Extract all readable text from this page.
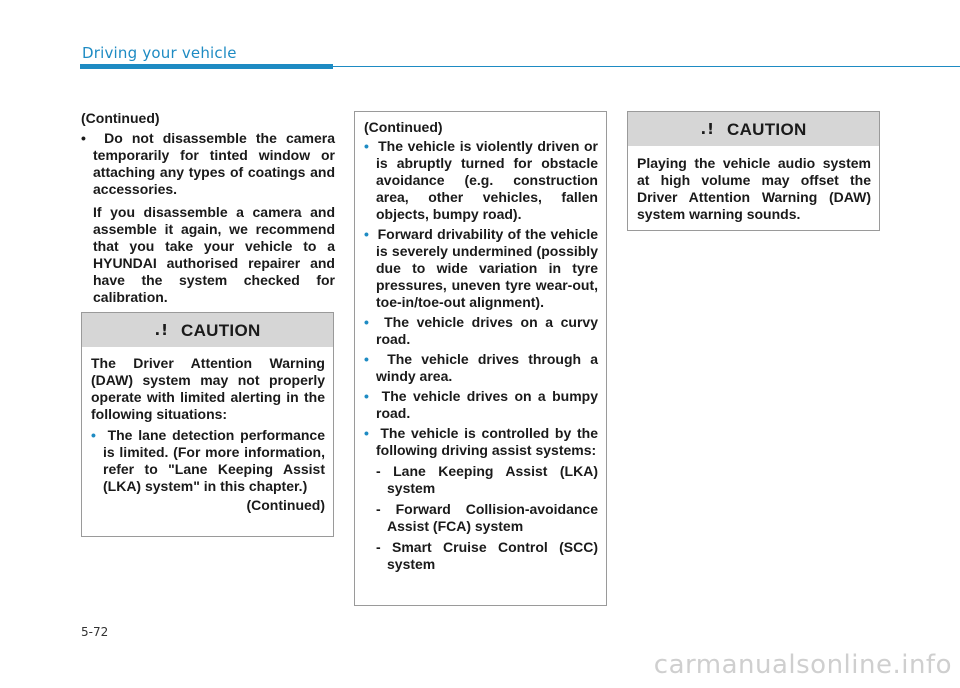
Driving your vehicle

(Continued)

•  Do not disassemble the camera temporarily for tinted window or attaching any types of coatings and accessories.

If you disassemble a camera and assemble it again, we recommend that you take your vehicle to a HYUNDAI authorised repairer and have the system checked for calibration.

.! CAUTION
The Driver Attention Warning (DAW) system may not properly operate with limited alerting in the following situations:
•  The lane detection performance is limited. (For more information, refer to "Lane Keeping Assist (LKA) system" in this chapter.)
(Continued)
(Continued)
•  The vehicle is violently driven or is abruptly turned for obstacle avoidance (e.g. construction area, other vehicles, fallen objects, bumpy road).
•  Forward drivability of the vehicle is severely undermined (possibly due to wide variation in tyre pressures, uneven tyre wear-out, toe-in/toe-out alignment).
•  The vehicle drives on a curvy road.
•  The vehicle drives through a windy area.
•  The vehicle drives on a bumpy road.
•  The vehicle is controlled by the following driving assist systems:
- Lane Keeping Assist (LKA) system
- Forward Collision-avoidance Assist (FCA) system
- Smart Cruise Control (SCC) system
.! CAUTION
Playing the vehicle audio system at high volume may offset the Driver Attention Warning (DAW) system warning sounds.
5-72
carmanualsonline.info
